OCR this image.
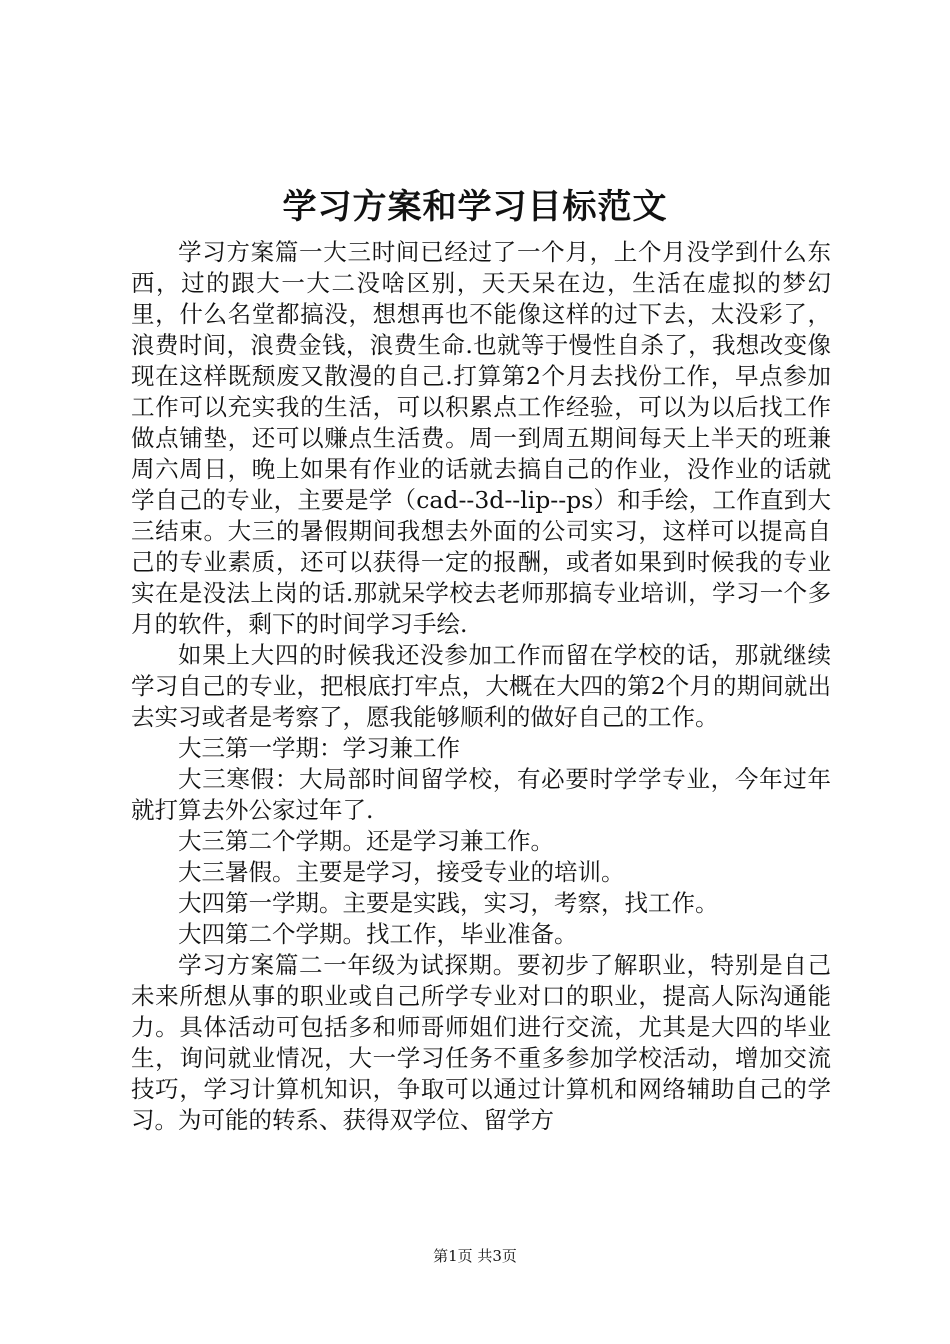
学习方案和学习目标范文

学习方案篇一大三时间已经过了一个月，上个月没学到什么东西，过的跟大一大二没啥区别，天天呆在边，生活在虚拟的梦幻里，什么名堂都搞没，想想再也不能像这样的过下去，太没彩了，浪费时间，浪费金钱，浪费生命.也就等于慢性自杀了，我想改变像现在这样既颓废又散漫的自己.打算第2个月去找份工作，早点参加工作可以充实我的生活，可以积累点工作经验，可以为以后找工作做点铺垫，还可以赚点生活费。周一到周五期间每天上半天的班兼周六周日，晚上如果有作业的话就去搞自己的作业，没作业的话就学自己的专业，主要是学（cad--3d--lip--ps）和手绘，工作直到大三结束。大三的暑假期间我想去外面的公司实习，这样可以提高自己的专业素质，还可以获得一定的报酬，或者如果到时候我的专业实在是没法上岗的话.那就呆学校去老师那搞专业培训，学习一个多月的软件，剩下的时间学习手绘.

如果上大四的时候我还没参加工作而留在学校的话，那就继续学习自己的专业，把根底打牢点，大概在大四的第2个月的期间就出去实习或者是考察了，愿我能够顺利的做好自己的工作。

大三第一学期：学习兼工作

大三寒假：大局部时间留学校，有必要时学学专业，今年过年就打算去外公家过年了.

大三第二个学期。还是学习兼工作。

大三暑假。主要是学习，接受专业的培训。

大四第一学期。主要是实践，实习，考察，找工作。

大四第二个学期。找工作，毕业准备。

学习方案篇二一年级为试探期。要初步了解职业，特别是自己未来所想从事的职业或自己所学专业对口的职业，提高人际沟通能力。具体活动可包括多和师哥师姐们进行交流，尤其是大四的毕业生，询问就业情况，大一学习任务不重多参加学校活动，增加交流技巧，学习计算机知识，争取可以通过计算机和网络辅助自己的学习。为可能的转系、获得双学位、留学方

第1页 共3页
